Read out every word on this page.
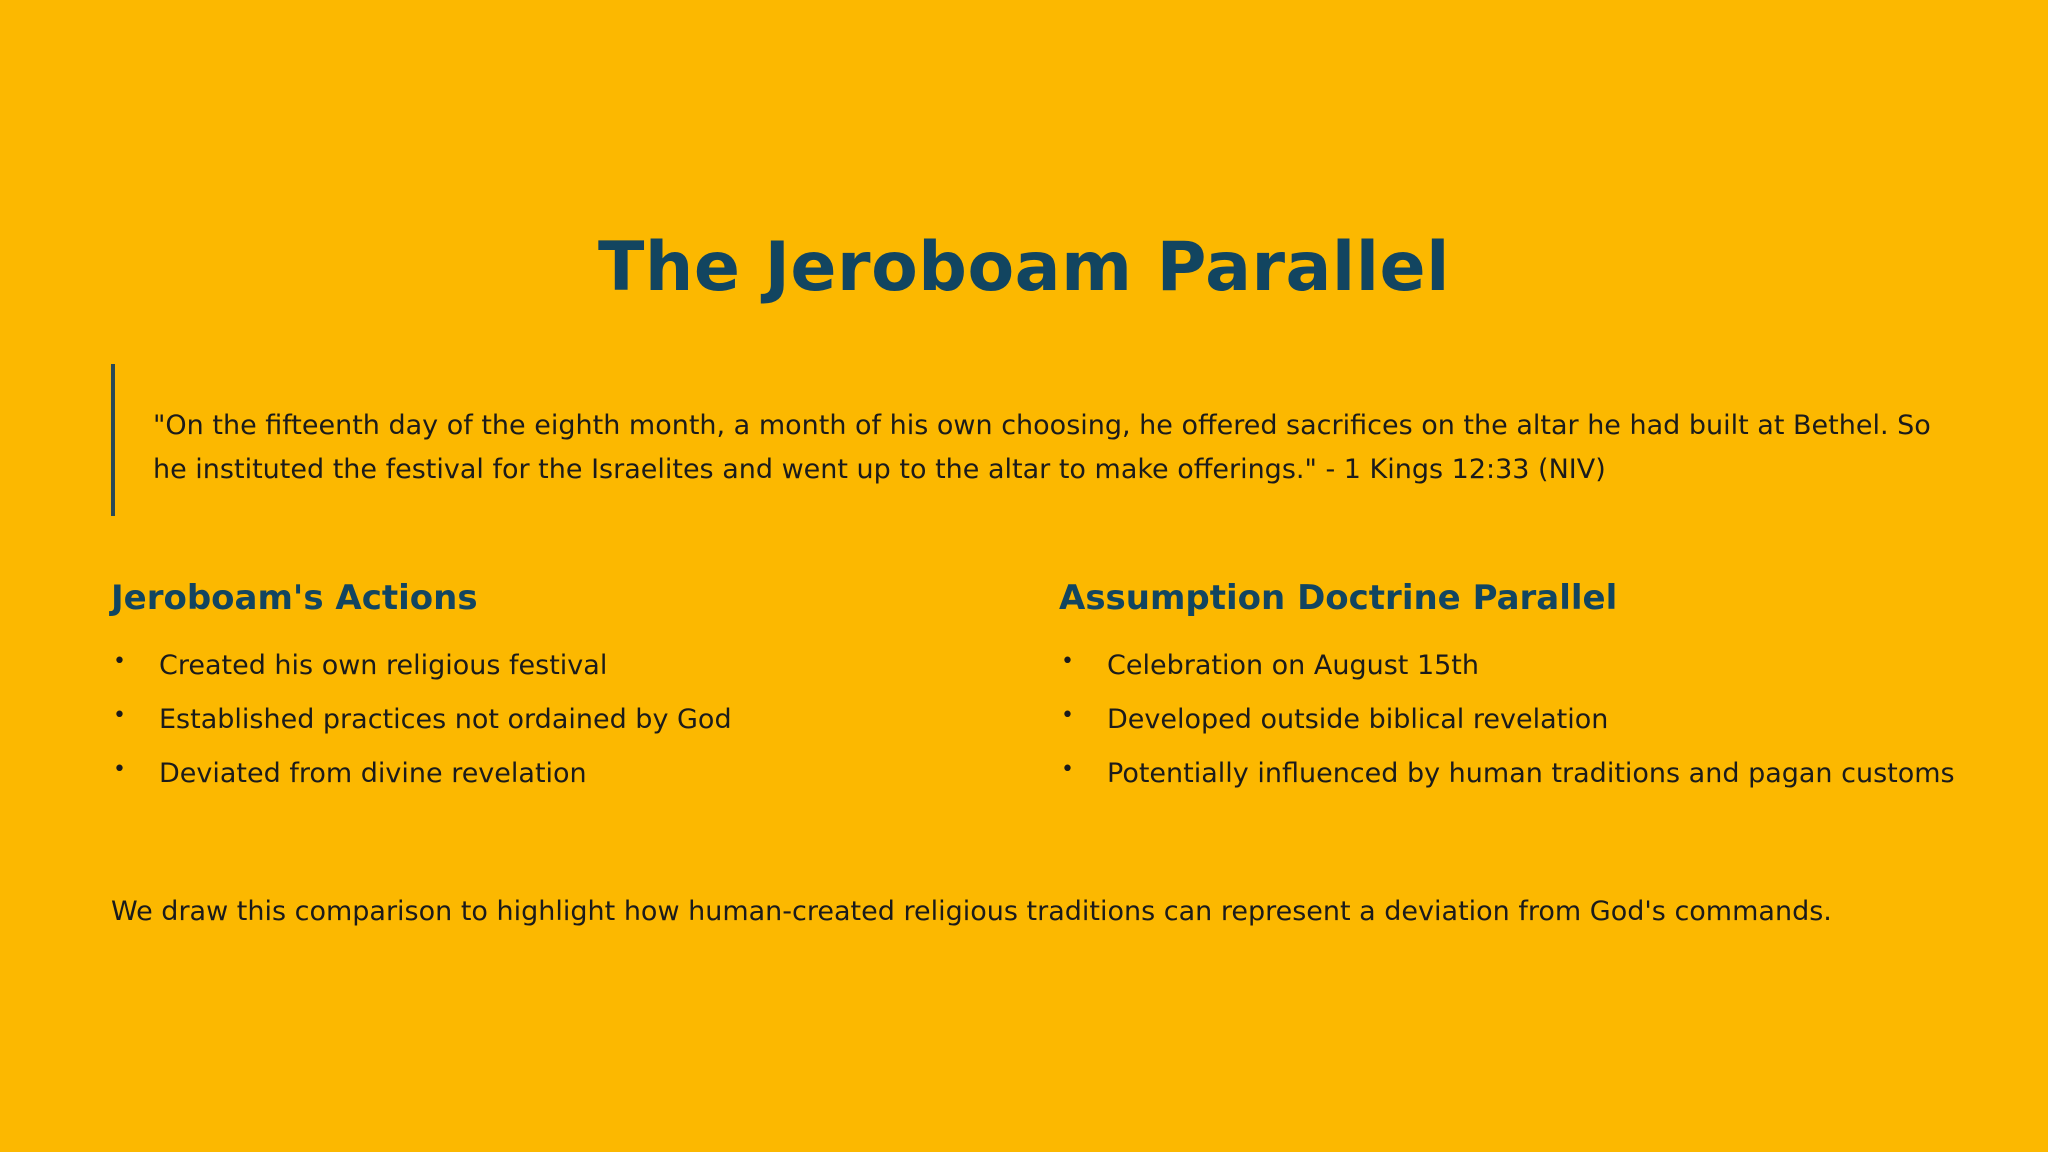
The Jeroboam Parallel
"On the fifteenth day of the eighth month, a month of his own choosing, he offered sacrifices on the altar he had built at Bethel. So he instituted the festival for the Israelites and went up to the altar to make offerings." - 1 Kings 12:33 (NIV)
Jeroboam's Actions
• Created his own religious festival
• Established practices not ordained by God
• Deviated from divine revelation
Assumption Doctrine Parallel
• Celebration on August 15th
• Developed outside biblical revelation
• Potentially influenced by human traditions and pagan customs

We draw this comparison to highlight how human-created religious traditions can represent a deviation from God's commands.
